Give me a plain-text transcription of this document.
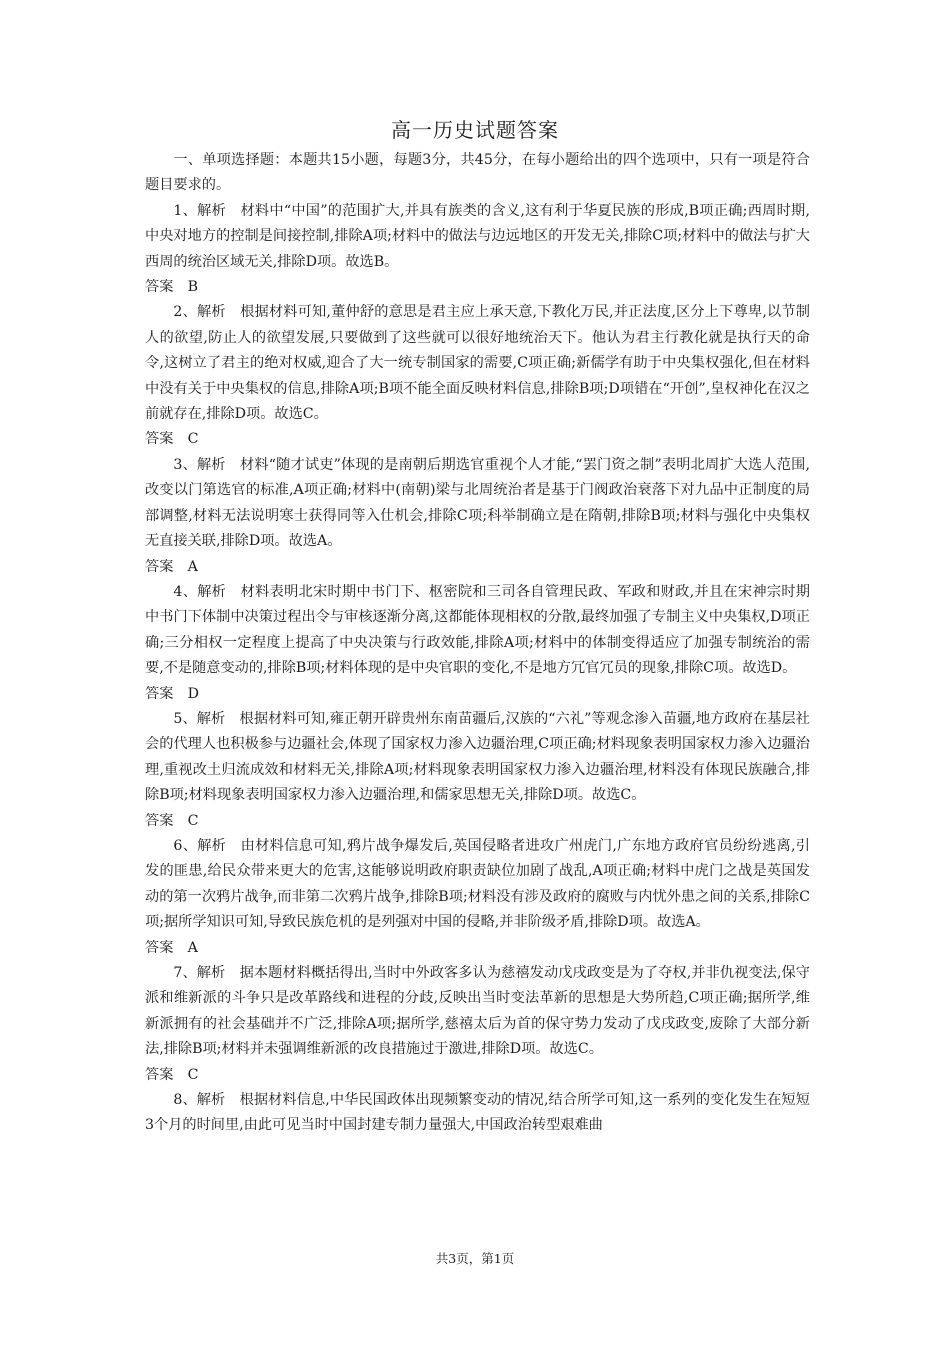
高一历史试题答案

一、单项选择题：本题共15小题，每题3分，共45分，在每小题给出的四个选项中，只有一项是符合题目要求的。

1、解析　材料中“中国”的范围扩大,并具有族类的含义,这有利于华夏民族的形成,B项正确;西周时期,中央对地方的控制是间接控制,排除A项;材料中的做法与边远地区的开发无关,排除C项;材料中的做法与扩大西周的统治区域无关,排除D项。故选B。

答案　B

2、解析　根据材料可知,董仲舒的意思是君主应上承天意,下教化万民,并正法度,区分上下尊卑,以节制人的欲望,防止人的欲望发展,只要做到了这些就可以很好地统治天下。他认为君主行教化就是执行天的命令,这树立了君主的绝对权威,迎合了大一统专制国家的需要,C项正确;新儒学有助于中央集权强化,但在材料中没有关于中央集权的信息,排除A项;B项不能全面反映材料信息,排除B项;D项错在“开创”,皇权神化在汉之前就存在,排除D项。故选C。

答案　C

3、解析　材料“随才试吏”体现的是南朝后期选官重视个人才能,“罢门资之制”表明北周扩大选人范围,改变以门第选官的标准,A项正确;材料中(南朝)梁与北周统治者是基于门阀政治衰落下对九品中正制度的局部调整,材料无法说明寒士获得同等入仕机会,排除C项;科举制确立是在隋朝,排除B项;材料与强化中央集权无直接关联,排除D项。故选A。

答案　A

4、解析　材料表明北宋时期中书门下、枢密院和三司各自管理民政、军政和财政,并且在宋神宗时期中书门下体制中决策过程出令与审核逐渐分离,这都能体现相权的分散,最终加强了专制主义中央集权,D项正确;三分相权一定程度上提高了中央决策与行政效能,排除A项;材料中的体制变得适应了加强专制统治的需要,不是随意变动的,排除B项;材料体现的是中央官职的变化,不是地方冗官冗员的现象,排除C项。故选D。

答案　D

5、解析　根据材料可知,雍正朝开辟贵州东南苗疆后,汉族的“六礼”等观念渗入苗疆,地方政府在基层社会的代理人也积极参与边疆社会,体现了国家权力渗入边疆治理,C项正确;材料现象表明国家权力渗入边疆治理,重视改土归流成效和材料无关,排除A项;材料现象表明国家权力渗入边疆治理,材料没有体现民族融合,排除B项;材料现象表明国家权力渗入边疆治理,和儒家思想无关,排除D项。故选C。

答案　C

6、解析　由材料信息可知,鸦片战争爆发后,英国侵略者进攻广州虎门,广东地方政府官员纷纷逃离,引发的匪患,给民众带来更大的危害,这能够说明政府职责缺位加剧了战乱,A项正确;材料中虎门之战是英国发动的第一次鸦片战争,而非第二次鸦片战争,排除B项;材料没有涉及政府的腐败与内忧外患之间的关系,排除C项;据所学知识可知,导致民族危机的是列强对中国的侵略,并非阶级矛盾,排除D项。故选A。

答案　A

7、解析　据本题材料概括得出,当时中外政客多认为慈禧发动戊戌政变是为了夺权,并非仇视变法,保守派和维新派的斗争只是改革路线和进程的分歧,反映出当时变法革新的思想是大势所趋,C项正确;据所学,维新派拥有的社会基础并不广泛,排除A项;据所学,慈禧太后为首的保守势力发动了戊戌政变,废除了大部分新法,排除B项;材料并未强调维新派的改良措施过于激进,排除D项。故选C。

答案　C

8、解析　根据材料信息,中华民国政体出现频繁变动的情况,结合所学可知,这一系列的变化发生在短短3个月的时间里,由此可见当时中国封建专制力量强大,中国政治转型艰难曲

共3页，第1页
